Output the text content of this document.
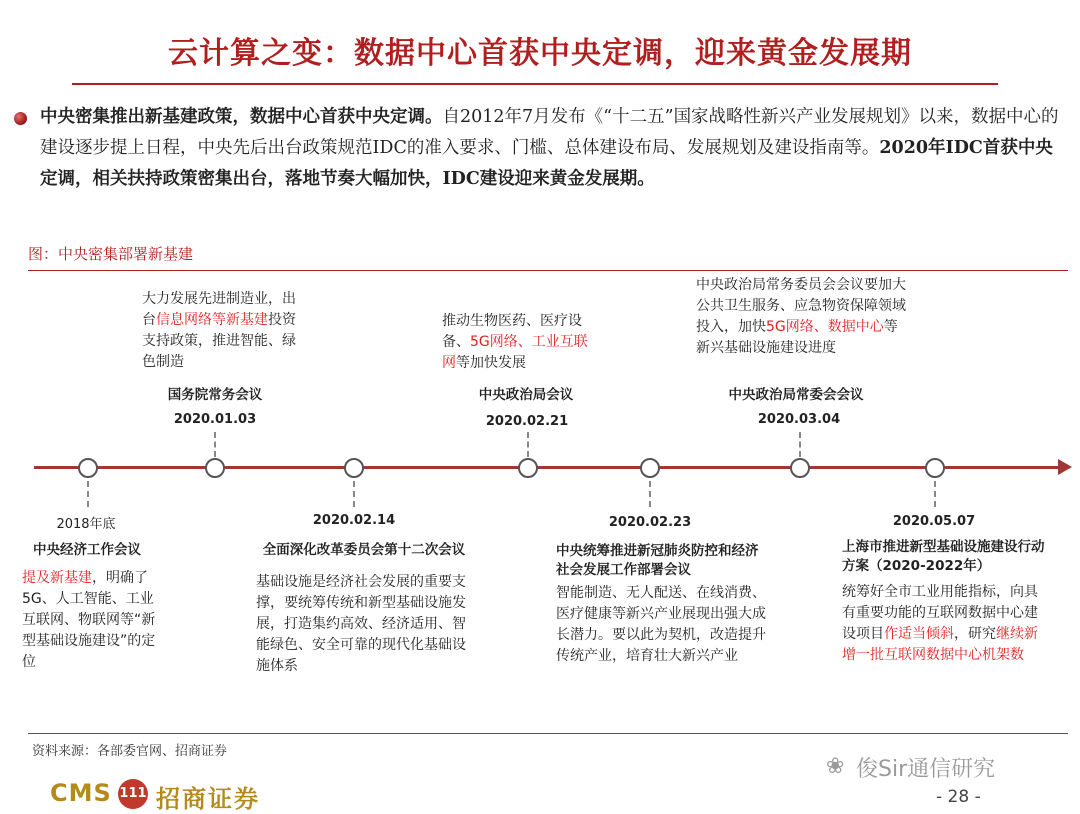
云计算之变：数据中心首获中央定调，迎来黄金发展期
中央密集推出新基建政策，数据中心首获中央定调。自2012年7月发布《“十二五”国家战略性新兴产业发展规划》以来，数据中心的建设逐步提上日程，中央先后出台政策规范IDC的准入要求、门槛、总体建设布局、发展规划及建设指南等。2020年IDC首获中央定调，相关扶持政策密集出台，落地节奏大幅加快，IDC建设迎来黄金发展期。
图：中央密集部署新基建
2018年底
中央经济工作会议
提及新基建，明确了5G、人工智能、工业互联网、物联网等“新型基础设施建设”的定位
大力发展先进制造业，出台信息网络等新基建投资支持政策，推进智能、绿色制造
国务院常务会议
2020.01.03
2020.02.14
全面深化改革委员会第十二次会议
基础设施是经济社会发展的重要支撑，要统筹传统和新型基础设施发展，打造集约高效、经济适用、智能绿色、安全可靠的现代化基础设施体系
推动生物医药、医疗设备、5G网络、工业互联网等加快发展
中央政治局会议
2020.02.21
2020.02.23
中央统筹推进新冠肺炎防控和经济社会发展工作部署会议
智能制造、无人配送、在线消费、医疗健康等新兴产业展现出强大成长潜力。要以此为契机，改造提升传统产业，培育壮大新兴产业
中央政治局常务委员会会议要加大公共卫生服务、应急物资保障领域投入，加快5G网络、数据中心等新兴基础设施建设进度
中央政治局常委会会议
2020.03.04
2020.05.07
上海市推进新型基础设施建设行动方案（2020-2022年）
统筹好全市工业用能指标，向具有重要功能的互联网数据中心建设项目作适当倾斜，研究继续新增一批互联网数据中心机架数
资料来源：各部委官网、招商证券
CMS 111 招商证券
❀ 俊Sir通信研究
- 28 -
